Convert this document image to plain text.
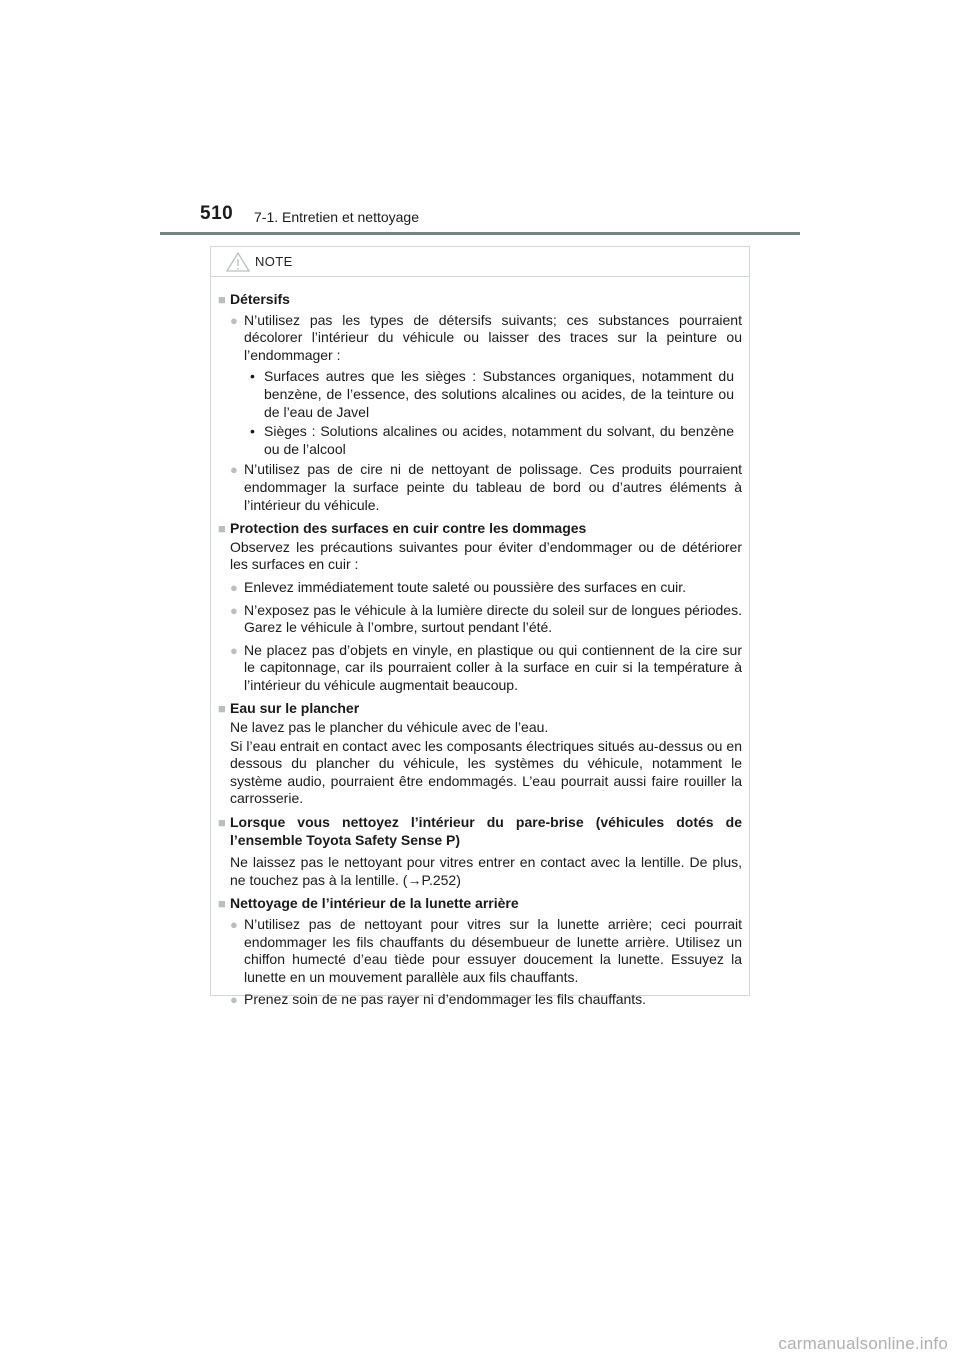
510 7-1. Entretien et nettoyage
NOTE
■ Détersifs
● N’utilisez pas les types de détersifs suivants; ces substances pourraient décolorer l’intérieur du véhicule ou laisser des traces sur la peinture ou l’endommager :
• Surfaces autres que les sièges : Substances organiques, notamment du benzène, de l’essence, des solutions alcalines ou acides, de la teinture ou de l’eau de Javel
• Sièges : Solutions alcalines ou acides, notamment du solvant, du benzène ou de l’alcool
● N’utilisez pas de cire ni de nettoyant de polissage. Ces produits pourraient endommager la surface peinte du tableau de bord ou d’autres éléments à l’intérieur du véhicule.
■ Protection des surfaces en cuir contre les dommages
Observez les précautions suivantes pour éviter d’endommager ou de détériorer les surfaces en cuir :
● Enlevez immédiatement toute saleté ou poussière des surfaces en cuir.
● N’exposez pas le véhicule à la lumière directe du soleil sur de longues périodes. Garez le véhicule à l’ombre, surtout pendant l’été.
● Ne placez pas d’objets en vinyle, en plastique ou qui contiennent de la cire sur le capitonnage, car ils pourraient coller à la surface en cuir si la température à l’intérieur du véhicule augmentait beaucoup.
■ Eau sur le plancher
Ne lavez pas le plancher du véhicule avec de l’eau.
Si l’eau entrait en contact avec les composants électriques situés au-dessus ou en dessous du plancher du véhicule, les systèmes du véhicule, notamment le système audio, pourraient être endommagés. L’eau pourrait aussi faire rouiller la carrosserie.
■ Lorsque vous nettoyez l’intérieur du pare-brise (véhicules dotés de l’ensemble Toyota Safety Sense P)
Ne laissez pas le nettoyant pour vitres entrer en contact avec la lentille. De plus, ne touchez pas à la lentille. (→P.252)
■ Nettoyage de l’intérieur de la lunette arrière
● N’utilisez pas de nettoyant pour vitres sur la lunette arrière; ceci pourrait endommager les fils chauffants du désembueur de lunette arrière. Utilisez un chiffon humecté d’eau tiède pour essuyer doucement la lunette. Essuyez la lunette en un mouvement parallèle aux fils chauffants.
● Prenez soin de ne pas rayer ni d’endommager les fils chauffants.
carmanualsonline.info
